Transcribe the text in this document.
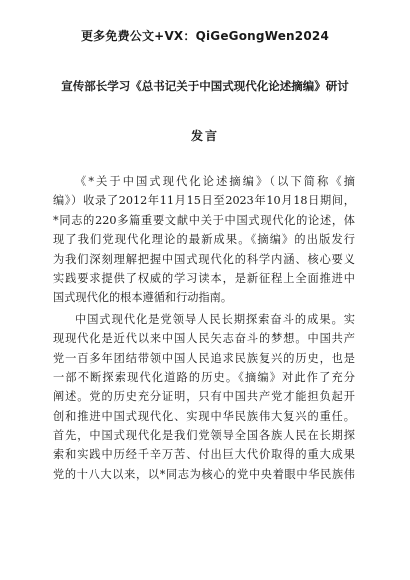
更多免费公文+VX：QiGeGongWen2024
宣传部长学习《总书记关于中国式现代化论述摘编》研讨
发言
《*关于中国式现代化论述摘编》（以下简称《摘
编》）收录了2012年11月15日至2023年10月18日期间，
*同志的220多篇重要文献中关于中国式现代化的论述，体
现了我们党现代化理论的最新成果。《摘编》的出版发行
为我们深刻理解把握中国式现代化的科学内涵、核心要义
实践要求提供了权威的学习读本，是新征程上全面推进中
国式现代化的根本遵循和行动指南。
中国式现代化是党领导人民长期探索奋斗的成果。实
现现代化是近代以来中国人民矢志奋斗的梦想。中国共产
党一百多年团结带领中国人民追求民族复兴的历史，也是
一部不断探索现代化道路的历史。《摘编》对此作了充分
阐述。党的历史充分证明，只有中国共产党才能担负起开
创和推进中国式现代化、实现中华民族伟大复兴的重任。
首先，中国式现代化是我们党领导全国各族人民在长期探
索和实践中历经千辛万苦、付出巨大代价取得的重大成果
党的十八大以来，以*同志为核心的党中央着眼中华民族伟
